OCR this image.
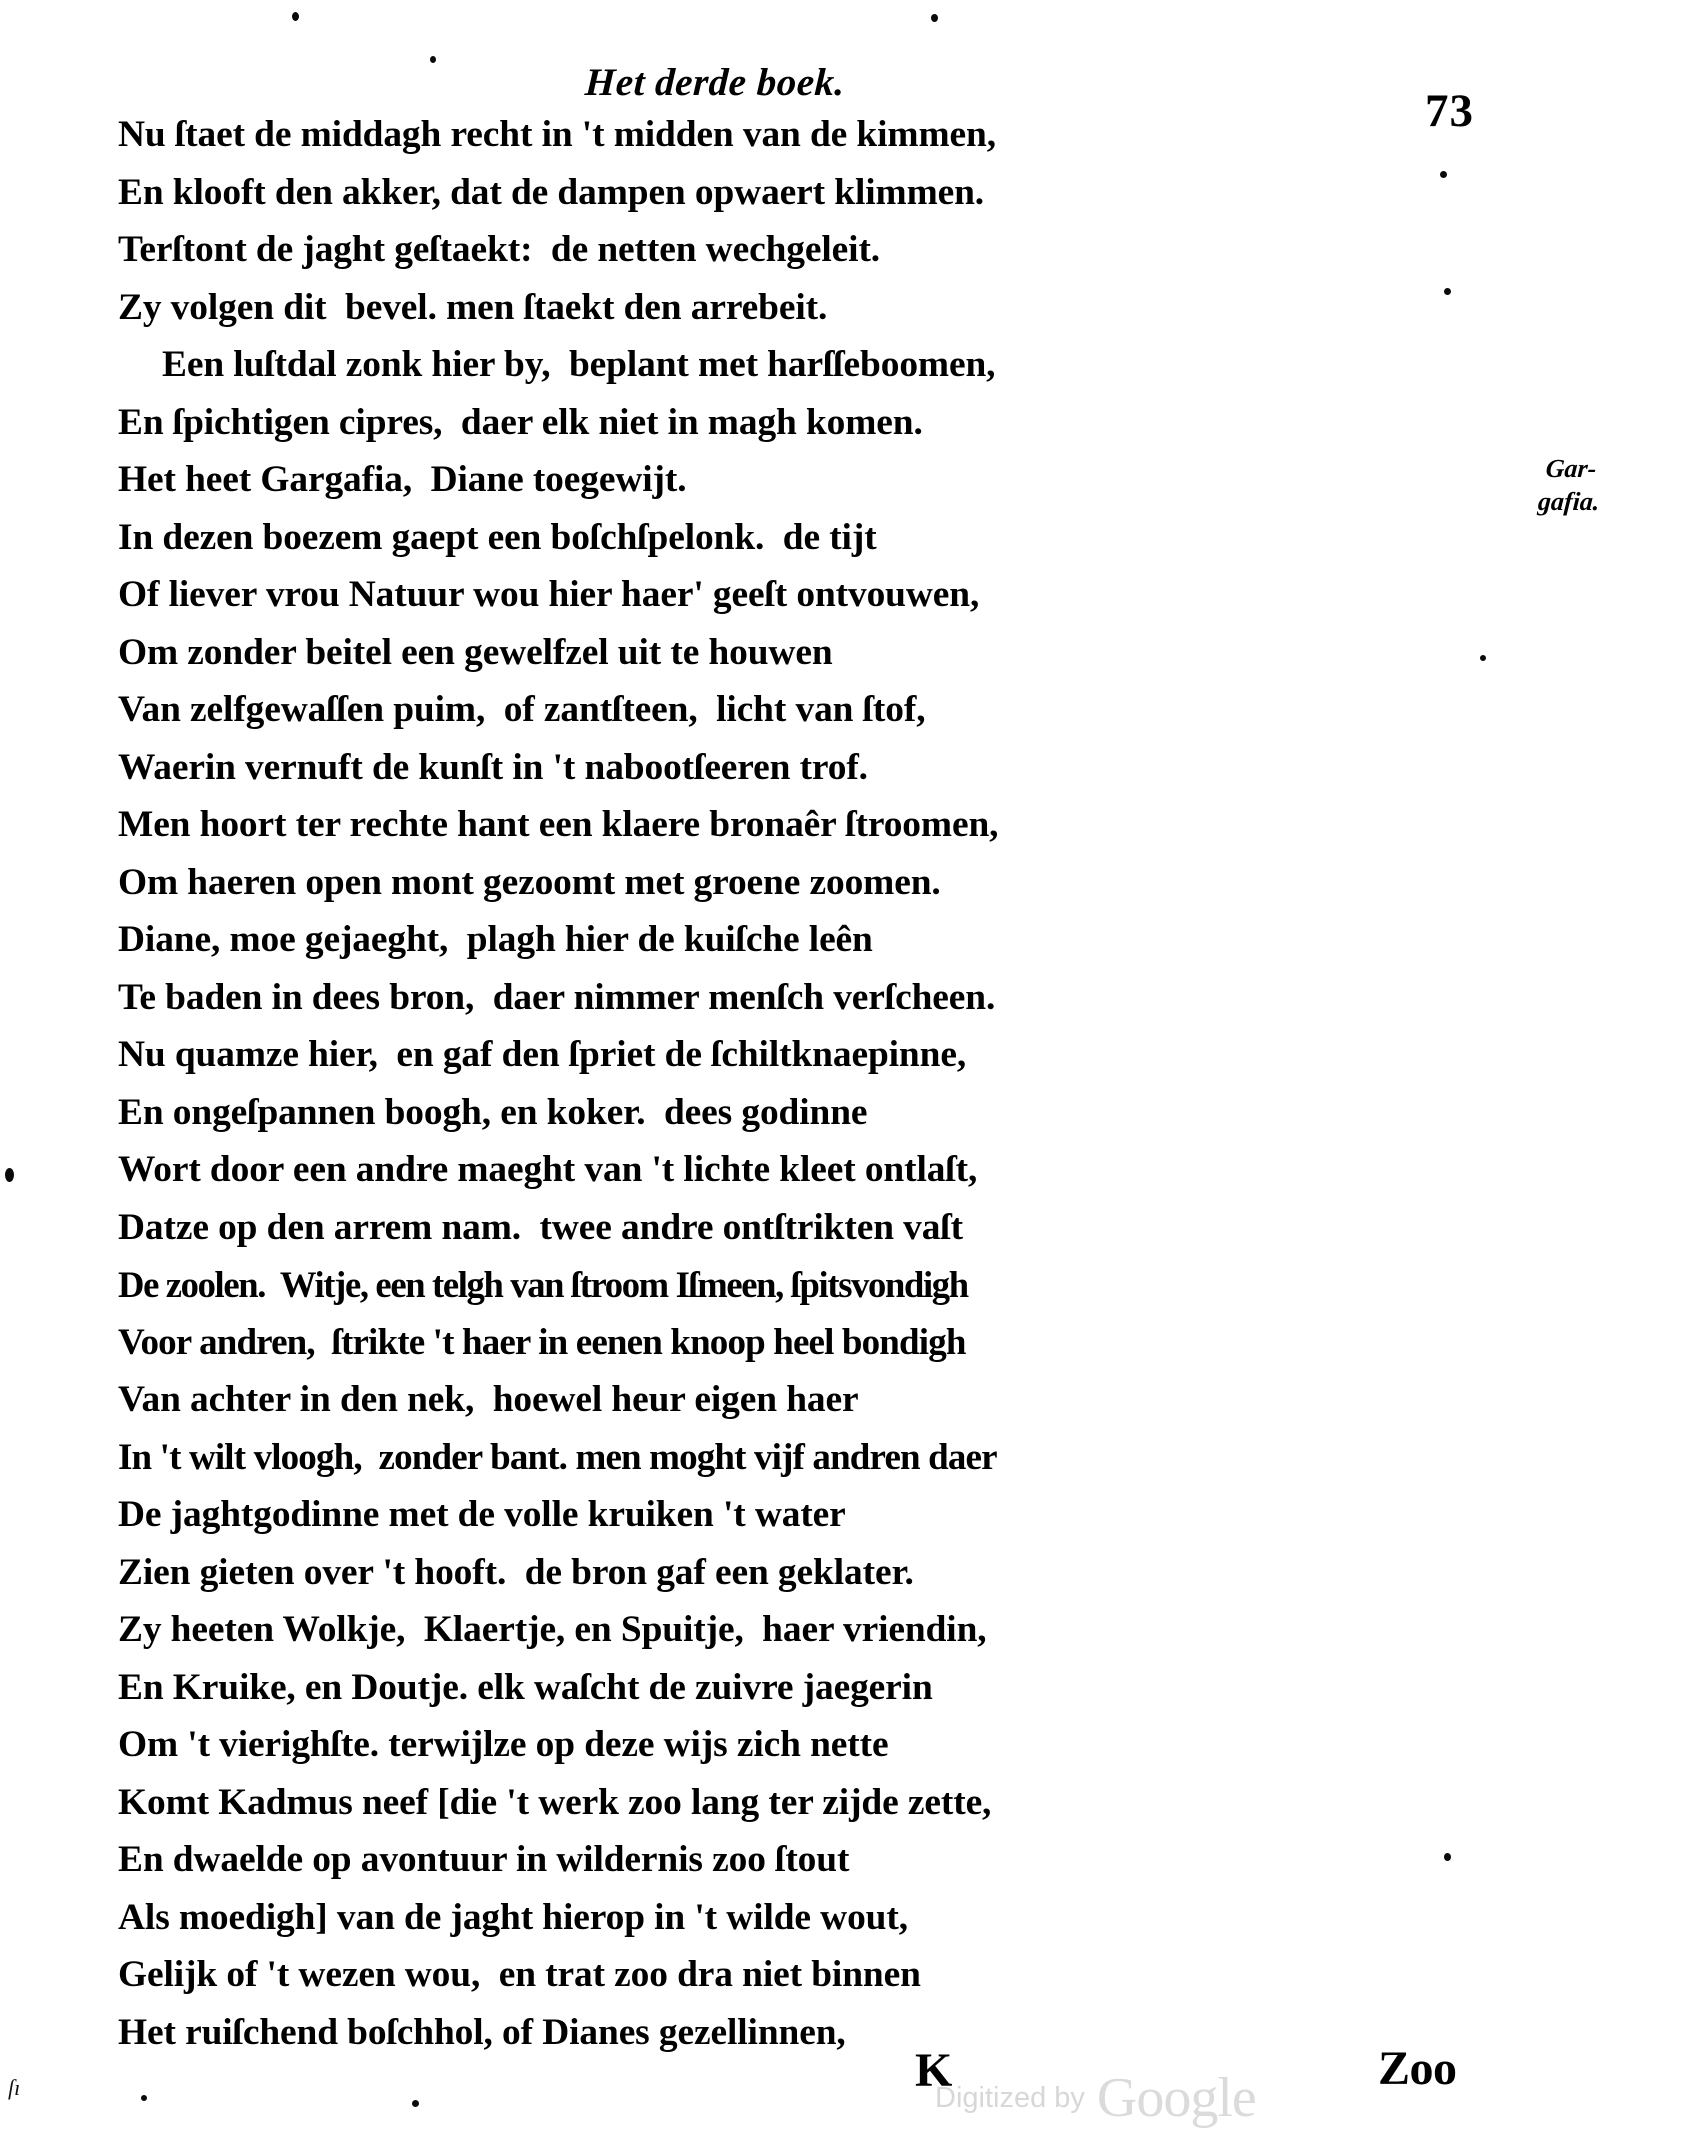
ſı
Het derde boek.
73
Nu ſtaet de middagh recht in 't midden van de kimmen,
En klooft den akker, dat de dampen opwaert klimmen.
Terſtont de jaght geſtaekt:  de netten wechgeleit.
Zy volgen dit  bevel. men ſtaekt den arrebeit.
Een luſtdal zonk hier by,  beplant met harſſeboomen,
En ſpichtigen cipres,  daer elk niet in magh komen.
Het heet Gargafia,  Diane toegewijt.
In dezen boezem gaept een boſchſpelonk.  de tijt
Of liever vrou Natuur wou hier haer' geeſt ontvouwen,
Om zonder beitel een gewelfzel uit te houwen
Van zelfgewaſſen puim,  of zantſteen,  licht van ſtof,
Waerin vernuft de kunſt in 't nabootſeeren trof.
Men hoort ter rechte hant een klaere bronaêr ſtroomen,
Om haeren open mont gezoomt met groene zoomen.
Diane, moe gejaeght,  plagh hier de kuiſche leên
Te baden in dees bron,  daer nimmer menſch verſcheen.
Nu quamze hier,  en gaf den ſpriet de ſchiltknaepinne,
En ongeſpannen boogh, en koker.  dees godinne
Wort door een andre maeght van 't lichte kleet ontlaſt,
Datze op den arrem nam.  twee andre ontſtrikten vaſt
De zoolen.  Witje, een telgh van ſtroom Iſmeen, ſpitsvondigh
Voor andren,  ſtrikte 't haer in eenen knoop heel bondigh
Van achter in den nek,  hoewel heur eigen haer
In 't wilt vloogh,  zonder bant. men moght vijf andren daer
De jaghtgodinne met de volle kruiken 't water
Zien gieten over 't hooft.  de bron gaf een geklater.
Zy heeten Wolkje,  Klaertje, en Spuitje,  haer vriendin,
En Kruike, en Doutje. elk waſcht de zuivre jaegerin
Om 't vierighſte. terwijlze op deze wijs zich nette
Komt Kadmus neef [die 't werk zoo lang ter zijde zette,
En dwaelde op avontuur in wildernis zoo ſtout
Als moedigh] van de jaght hierop in 't wilde wout,
Gelijk of 't wezen wou,  en trat zoo dra niet binnen
Het ruiſchend boſchhol, of Dianes gezellinnen,
Gar-
gafia.
K
Digitized by Google	Zoo
